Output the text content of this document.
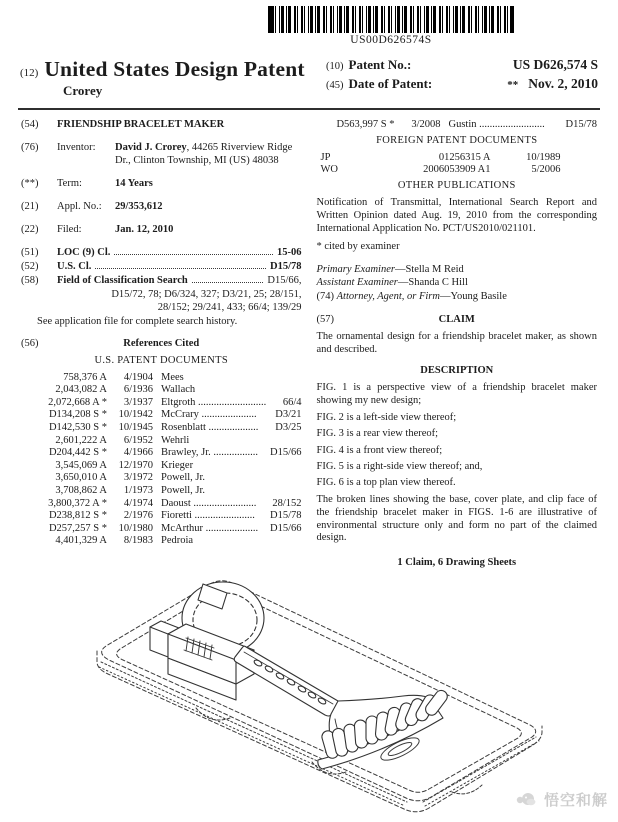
US00D626574S
(12) United States Design Patent
Crorey
(10) Patent No.:	US D626,574 S
(45) Date of Patent:	** Nov. 2, 2010
(54)	FRIENDSHIP BRACELET MAKER
(76)	Inventor:	David J. Crorey, 44265 Riverview Ridge Dr., Clinton Township, MI (US) 48038
(**)	Term:	14 Years
(21)	Appl. No.:	29/353,612
(22)	Filed:	Jan. 12, 2010
(51)	LOC (9) Cl.	15-06
(52)	U.S. Cl.	D15/78
(58)	Field of Classification Search	D15/66,
D15/72, 78; D6/324, 327; D3/21, 25; 28/151,
28/152; 29/241, 433; 66/4; 139/29
See application file for complete search history.
(56)	References Cited
U.S. PATENT DOCUMENTS
758,376 A	4/1904 Mees
2,043,082 A	6/1936 Wallach
2,072,668 A *	3/1937 Eltgroth ..........................	66/4
D134,208 S *	10/1942 McCrary .....................	D3/21
D142,530 S *	10/1945 Rosenblatt ...................	D3/25
2,601,222 A	6/1952 Wehrli
D204,442 S *	4/1966 Brawley, Jr. .................	D15/66
3,545,069 A	12/1970 Krieger
3,650,010 A	3/1972 Powell, Jr.
3,708,862 A	1/1973 Powell, Jr.
3,800,372 A *	4/1974 Daoust ........................	28/152
D238,812 S *	2/1976 Fioretti .......................	D15/78
D257,257 S *	10/1980 McArthur ....................	D15/66
4,401,329 A	8/1983 Pedroia
D563,997 S *	3/2008 Gustin .........................	D15/78
FOREIGN PATENT DOCUMENTS
JP	01256315 A	10/1989
WO	2006053909 A1	5/2006
OTHER PUBLICATIONS

Notification of Transmittal, International Search Report and Written Opinion dated Aug. 19, 2010 from the corresponding International Application No. PCT/US2010/021101.

* cited by examiner
Primary Examiner—Stella M Reid
Assistant Examiner—Shanda C Hill
(74) Attorney, Agent, or Firm—Young Basile
(57)	CLAIM

The ornamental design for a friendship bracelet maker, as shown and described.

DESCRIPTION

FIG. 1 is a perspective view of a friendship bracelet maker showing my new design;

FIG. 2 is a left-side view thereof;

FIG. 3 is a rear view thereof;

FIG. 4 is a front view thereof;

FIG. 5 is a right-side view thereof; and,

FIG. 6 is a top plan view thereof.

The broken lines showing the base, cover plate, and clip face of the friendship bracelet maker in FIGS. 1-6 are illustrative of environmental structure only and form no part of the claimed design.

1 Claim, 6 Drawing Sheets
悟空和解
